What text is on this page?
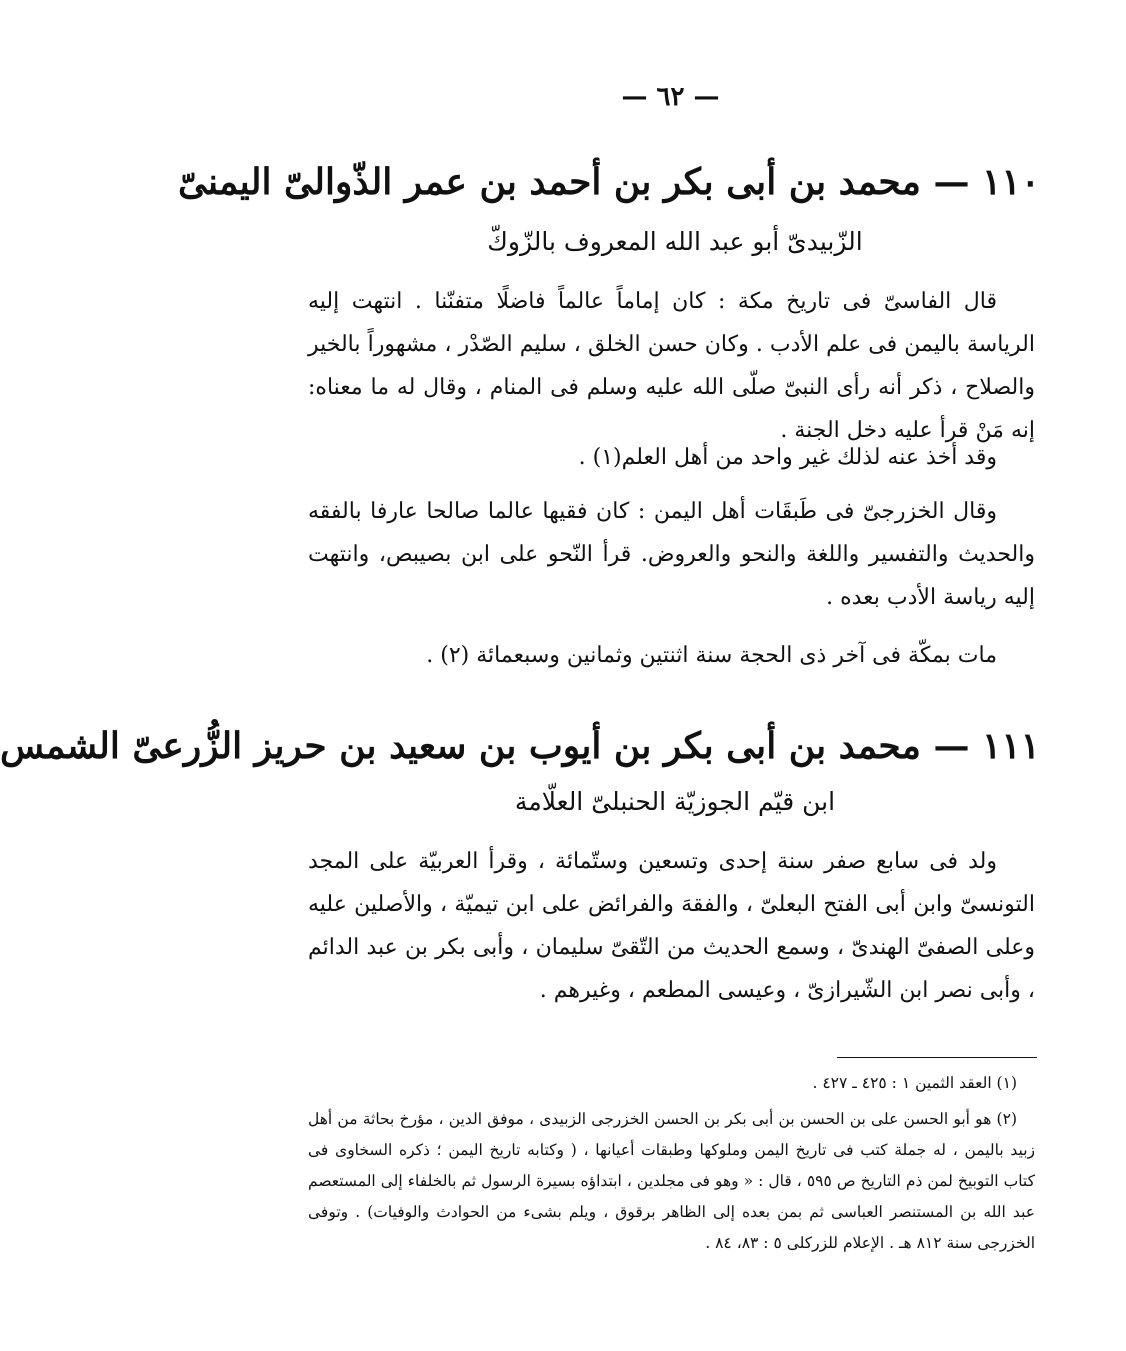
— ٦٢ —
١١٠ — محمد بن أبى بكر بن أحمد بن عمر الذّوالىّ اليمنىّ
الزّبيدىّ أبو عبد الله المعروف بالزّوكّ

قال الفاسىّ فى تاريخ مكة : كان إماماً عالماً فاضلًا متفنّنا . انتهت إليه الرياسة باليمن فى علم الأدب . وكان حسن الخلق ، سليم الصّدْر ، مشهوراً بالخير والصلاح ، ذكر أنه رأى النبىّ صلّى الله عليه وسلم فى المنام ، وقال له ما معناه: إنه مَنْ قرأ عليه دخل الجنة .

وقد أخذ عنه لذلك غير واحد من أهل العلم(١) .

وقال الخزرجىّ فى طَبقَات أهل اليمن : كان فقيها عالما صالحا عارفا بالفقه والحديث والتفسير واللغة والنحو والعروض. قرأ النّحو على ابن بصيبص، وانتهت إليه رياسة الأدب بعده .

مات بمكّة فى آخر ذى الحجة سنة اثنتين وثمانين وسبعمائة (٢) .

١١١ — محمد بن أبى بكر بن أيوب بن سعيد بن حريز الزُّرعىّ الشمس
ابن قيّم الجوزيّة الحنبلىّ العلّامة

ولد فى سابع صفر سنة إحدى وتسعين وستّمائة ، وقرأ العربيّة على المجد التونسىّ وابن أبى الفتح البعلىّ ، والفقهَ والفرائض على ابن تيميّة ، والأصلين عليه وعلى الصفىّ الهندىّ ، وسمع الحديث من التّقىّ سليمان ، وأبى بكر بن عبد الدائم ، وأبى نصر ابن الشّيرازىّ ، وعيسى المطعم ، وغيرهم .

(١) العقد الثمين ١ : ٤٢٥ ـ ٤٢٧ .

(٢) هو أبو الحسن على بن الحسن بن أبى بكر بن الحسن الخزرجى الزبيدى ، موفق الدين ، مؤرخ بحاثة من أهل زبيد باليمن ، له جملة كتب فى تاريخ اليمن وملوكها وطبقات أعيانها ، ( وكتابه تاريخ اليمن ؛ ذكره السخاوى فى كتاب التوبيخ لمن ذم التاريخ ص ٥٩٥ ، قال : « وهو فى مجلدين ، ابتداؤه بسيرة الرسول ثم بالخلفاء إلى المستعصم عبد الله بن المستنصر العباسى ثم بمن بعده إلى الظاهر برقوق ، ويلم بشىء من الحوادث والوفيات) . وتوفى الخزرجى سنة ٨١٢ هـ . الإعلام للزركلى ٥ : ٨٣، ٨٤ .
